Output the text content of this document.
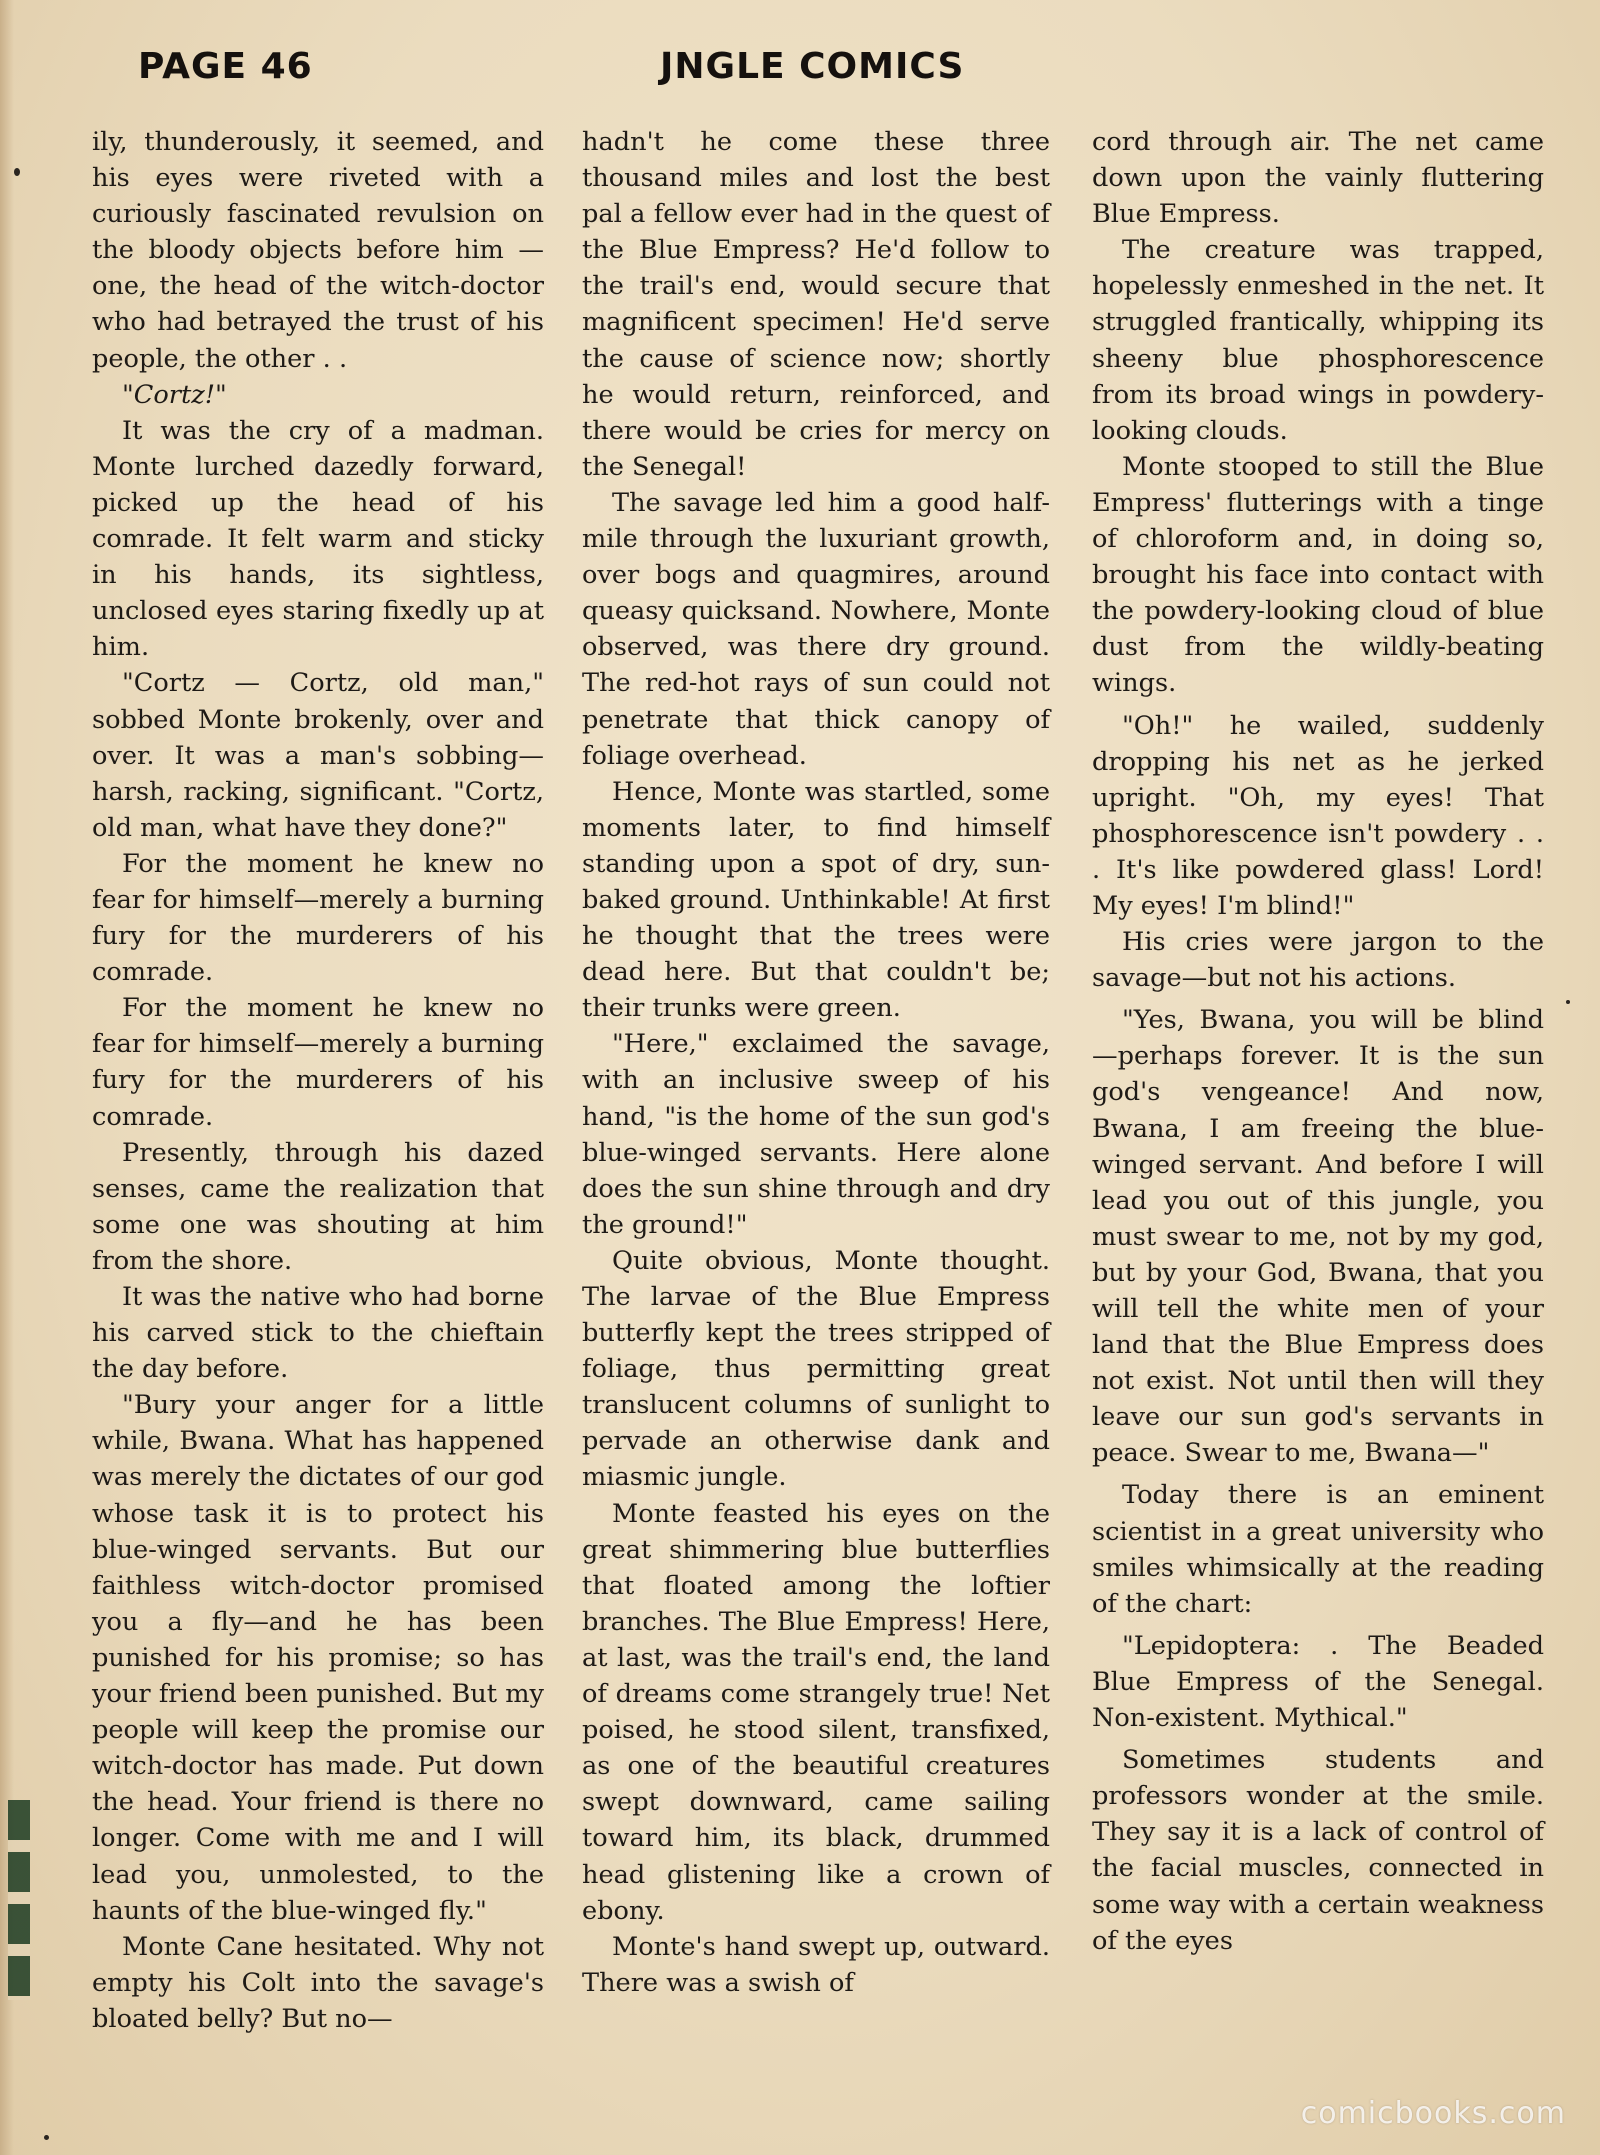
PAGE 46	JNGLE COMICS

ily, thunderously, it seemed, and his eyes were riveted with a curiously fascinated revulsion on the bloody objects before him —one, the head of the witch-doctor who had betrayed the trust of his people, the other . .

"Cortz!"

It was the cry of a madman. Monte lurched dazedly forward, picked up the head of his comrade. It felt warm and sticky in his hands, its sightless, unclosed eyes staring fixedly up at him.

"Cortz — Cortz, old man," sobbed Monte brokenly, over and over. It was a man's sobbing—harsh, racking, significant. "Cortz, old man, what have they done?"

For the moment he knew no fear for himself—merely a burning fury for the murderers of his comrade.

For the moment he knew no fear for himself—merely a burning fury for the murderers of his comrade.

Presently, through his dazed senses, came the realization that some one was shouting at him from the shore.

It was the native who had borne his carved stick to the chieftain the day before.

"Bury your anger for a little while, Bwana. What has happened was merely the dictates of our god whose task it is to protect his blue-winged servants. But our faithless witch-doctor promised you a fly—and he has been punished for his promise; so has your friend been punished. But my people will keep the promise our witch-doctor has made. Put down the head. Your friend is there no longer. Come with me and I will lead you, unmolested, to the haunts of the blue-winged fly."

Monte Cane hesitated. Why not empty his Colt into the savage's bloated belly? But no—

hadn't he come these three thousand miles and lost the best pal a fellow ever had in the quest of the Blue Empress? He'd follow to the trail's end, would secure that magnificent specimen! He'd serve the cause of science now; shortly he would return, reinforced, and there would be cries for mercy on the Senegal!

The savage led him a good half-mile through the luxuriant growth, over bogs and quagmires, around queasy quicksand. Nowhere, Monte observed, was there dry ground. The red-hot rays of sun could not penetrate that thick canopy of foliage overhead.

Hence, Monte was startled, some moments later, to find himself standing upon a spot of dry, sun-baked ground. Unthinkable! At first he thought that the trees were dead here. But that couldn't be; their trunks were green.

"Here," exclaimed the savage, with an inclusive sweep of his hand, "is the home of the sun god's blue-winged servants. Here alone does the sun shine through and dry the ground!"

Quite obvious, Monte thought. The larvae of the Blue Empress butterfly kept the trees stripped of foliage, thus permitting great translucent columns of sunlight to pervade an otherwise dank and miasmic jungle.

Monte feasted his eyes on the great shimmering blue butterflies that floated among the loftier branches. The Blue Empress! Here, at last, was the trail's end, the land of dreams come strangely true! Net poised, he stood silent, transfixed, as one of the beautiful creatures swept downward, came sailing toward him, its black, drummed head glistening like a crown of ebony.

Monte's hand swept up, outward. There was a swish of

cord through air. The net came down upon the vainly fluttering Blue Empress.

The creature was trapped, hopelessly enmeshed in the net. It struggled frantically, whipping its sheeny blue phosphorescence from its broad wings in powdery-looking clouds.

Monte stooped to still the Blue Empress' flutterings with a tinge of chloroform and, in doing so, brought his face into contact with the powdery-looking cloud of blue dust from the wildly-beating wings.

"Oh!" he wailed, suddenly dropping his net as he jerked upright. "Oh, my eyes! That phosphorescence isn't powdery . . . It's like powdered glass! Lord! My eyes! I'm blind!"

His cries were jargon to the savage—but not his actions.

"Yes, Bwana, you will be blind —perhaps forever. It is the sun god's vengeance! And now, Bwana, I am freeing the blue-winged servant. And before I will lead you out of this jungle, you must swear to me, not by my god, but by your God, Bwana, that you will tell the white men of your land that the Blue Empress does not exist. Not until then will they leave our sun god's servants in peace. Swear to me, Bwana—"

Today there is an eminent scientist in a great university who smiles whimsically at the reading of the chart:

"Lepidoptera: . The Beaded Blue Empress of the Senegal. Non-existent. Mythical."

Sometimes students and professors wonder at the smile. They say it is a lack of control of the facial muscles, connected in some way with a certain weakness of the eyes

comicbooks.com
